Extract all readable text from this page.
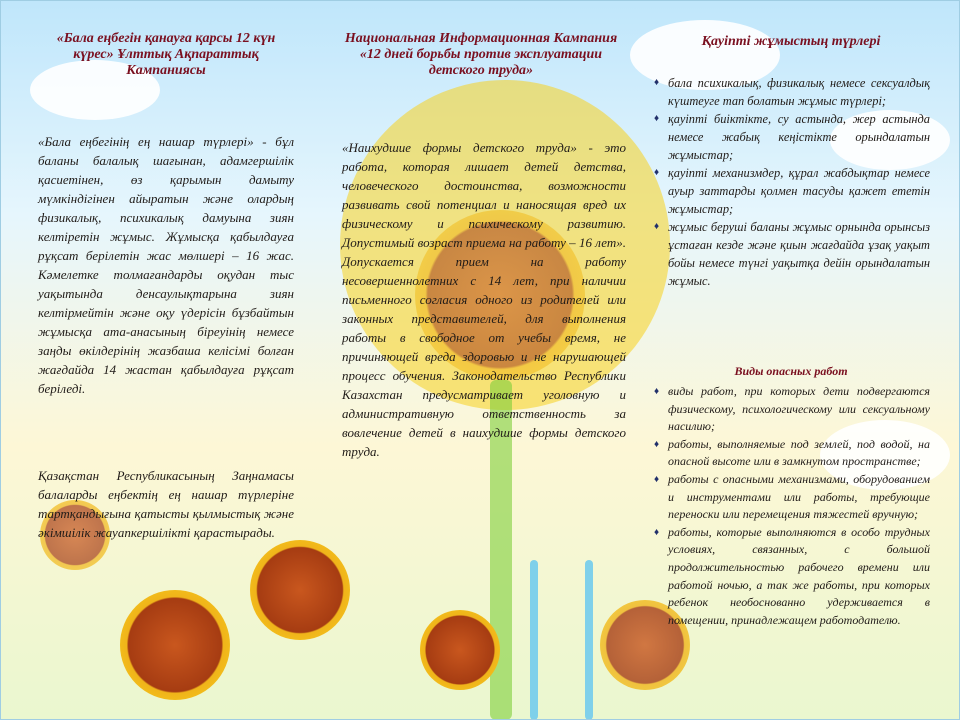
«Бала еңбегін қанауға қарсы 12 күн күрес» Ұлттық Ақпараттық Кампаниясы

«Бала еңбегінің ең нашар түрлері» - бұл баланы балалық шағынан, адамгершілік қасиетінен, өз қарымын дамыту мүмкіндігінен айыратын және олардың физикалық, психикалық дамуына зиян келтіретін жұмыс. Жұмысқа қабылдауға рұқсат берілетін жас мөлшері – 16 жас. Кәмелетке толмағандарды оқудан тыс уақытында денсаулықтарына зиян келтірмейтін және оқу үдерісін бұзбайтын жұмысқа ата-анасының біреуінің немесе заңды өкілдерінің жазбаша келісімі болған жағдайда 14 жастан қабылдауға рұқсат беріледі.

Қазақстан Республикасының Заңнамасы балаларды еңбектің ең нашар түрлеріне тартқандығына қатысты қылмыстық және әкімшілік жауапкершілікті қарастырады.

Национальная Информационная Кампания «12 дней борьбы против эксплуатации детского труда»

«Наихудшие формы детского труда» - это работа, которая лишает детей детства, человеческого достоинства, возможности развивать свой потенциал и наносящая вред их физическому и психическому развитию. Допустимый возраст приема на работу – 16 лет». Допускается прием на работу несовершеннолетних с 14 лет, при наличии письменного согласия одного из родителей или законных представителей, для выполнения работы в свободное от учебы время, не причиняющей вреда здоровью и не нарушающей процесс обучения. Законодательство Республики Казахстан предусматривает уголовную и административную ответственность за вовлечение детей в наихудшие формы детского труда.

Қауіпті жұмыстың түрлері
♦ бала психикалық, физикалық немесе сексуалдық күштеуге тап болатын жұмыс түрлері;
♦ қауіпті биіктікте, су астында, жер астында немесе жабық кеңістікте орындалатын жұмыстар;
♦ қауіпті механизмдер, құрал жабдықтар немесе ауыр заттарды қолмен тасуды қажет ететін жұмыстар;
♦ жұмыс беруші баланы жұмыс орнында орынсыз ұстаған кезде және қиын жағдайда ұзақ уақыт бойы немесе түнгі уақытқа дейін орындалатын жұмыс.
Виды опасных работ
♦ виды работ, при которых дети подвергаются физическому, психологическому или сексуальному насилию;
♦ работы, выполняемые под землей, под водой, на опасной высоте или в замкнутом пространстве;
♦ работы с опасными механизмами, оборудованием и инструментами или работы, требующие переноски или перемещения тяжестей вручную;
♦ работы, которые выполняются в особо трудных условиях, связанных, с большой продолжительностью рабочего времени или работой ночью, а так же работы, при которых ребенок необоснованно удерживается в помещении, принадлежащем работодателю.
